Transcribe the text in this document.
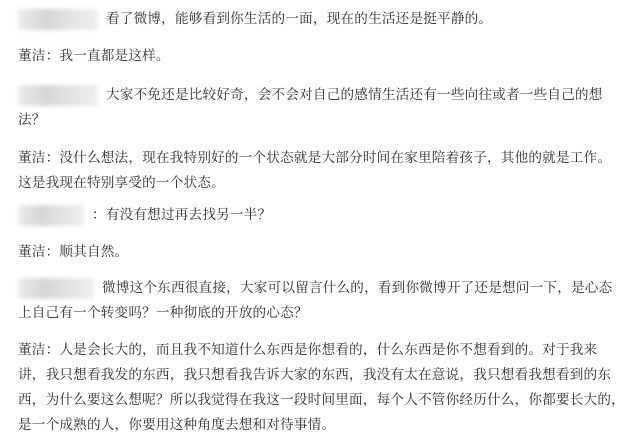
看了微博，能够看到你生活的一面，现在的生活还是挺平静的。
董洁：我一直都是这样。
大家不免还是比较好奇，会不会对自己的感情生活还有一些向往或者一些自己的想
法？
董洁：没什么想法，现在我特别好的一个状态就是大部分时间在家里陪着孩子，其他的就是工作。
这是我现在特别享受的一个状态。
：有没有想过再去找另一半？
董洁：顺其自然。
微博这个东西很直接，大家可以留言什么的，看到你微博开了还是想问一下，是心态
上自己有一个转变吗？一种彻底的开放的心态？
董洁：人是会长大的，而且我不知道什么东西是你想看的，什么东西是你不想看到的。对于我来
讲，我只想看我发的东西，我只想看我告诉大家的东西，我没有太在意说，我只想看我想看到的东
西，为什么要这么想呢？所以我觉得在我这一段时间里面，每个人不管你经历什么，你都要长大的，
是一个成熟的人，你要用这种角度去想和对待事情。
